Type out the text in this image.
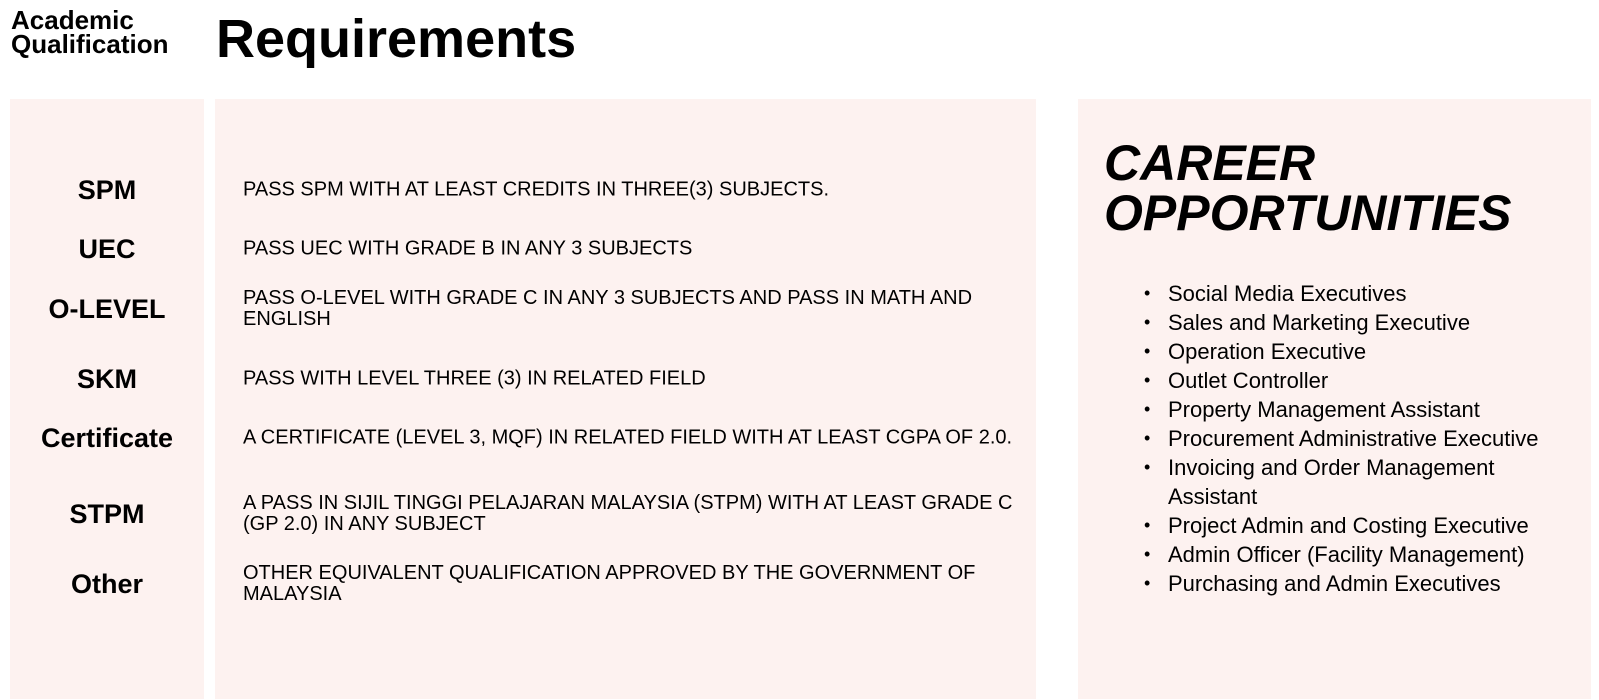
Academic
Qualification Requirements

SPM	PASS SPM WITH AT LEAST CREDITS IN THREE(3) SUBJECTS.

UEC	PASS UEC WITH GRADE B IN ANY 3 SUBJECTS

O-LEVEL	PASS O-LEVEL WITH GRADE C IN ANY 3 SUBJECTS AND PASS IN MATH AND ENGLISH

SKM	PASS WITH LEVEL THREE (3) IN RELATED FIELD

Certificate	A CERTIFICATE (LEVEL 3, MQF) IN RELATED FIELD WITH AT LEAST CGPA OF 2.0.

STPM	A PASS IN SIJIL TINGGI PELAJARAN MALAYSIA (STPM) WITH AT LEAST GRADE C (GP 2.0) IN ANY SUBJECT

Other	OTHER EQUIVALENT QUALIFICATION APPROVED BY THE GOVERNMENT OF MALAYSIA

CAREER
OPPORTUNITIES
• Social Media Executives
• Sales and Marketing Executive
• Operation Executive
• Outlet Controller
• Property Management Assistant
• Procurement Administrative Executive
• Invoicing and Order Management Assistant
• Project Admin and Costing Executive
• Admin Officer (Facility Management)
• Purchasing and Admin Executives
